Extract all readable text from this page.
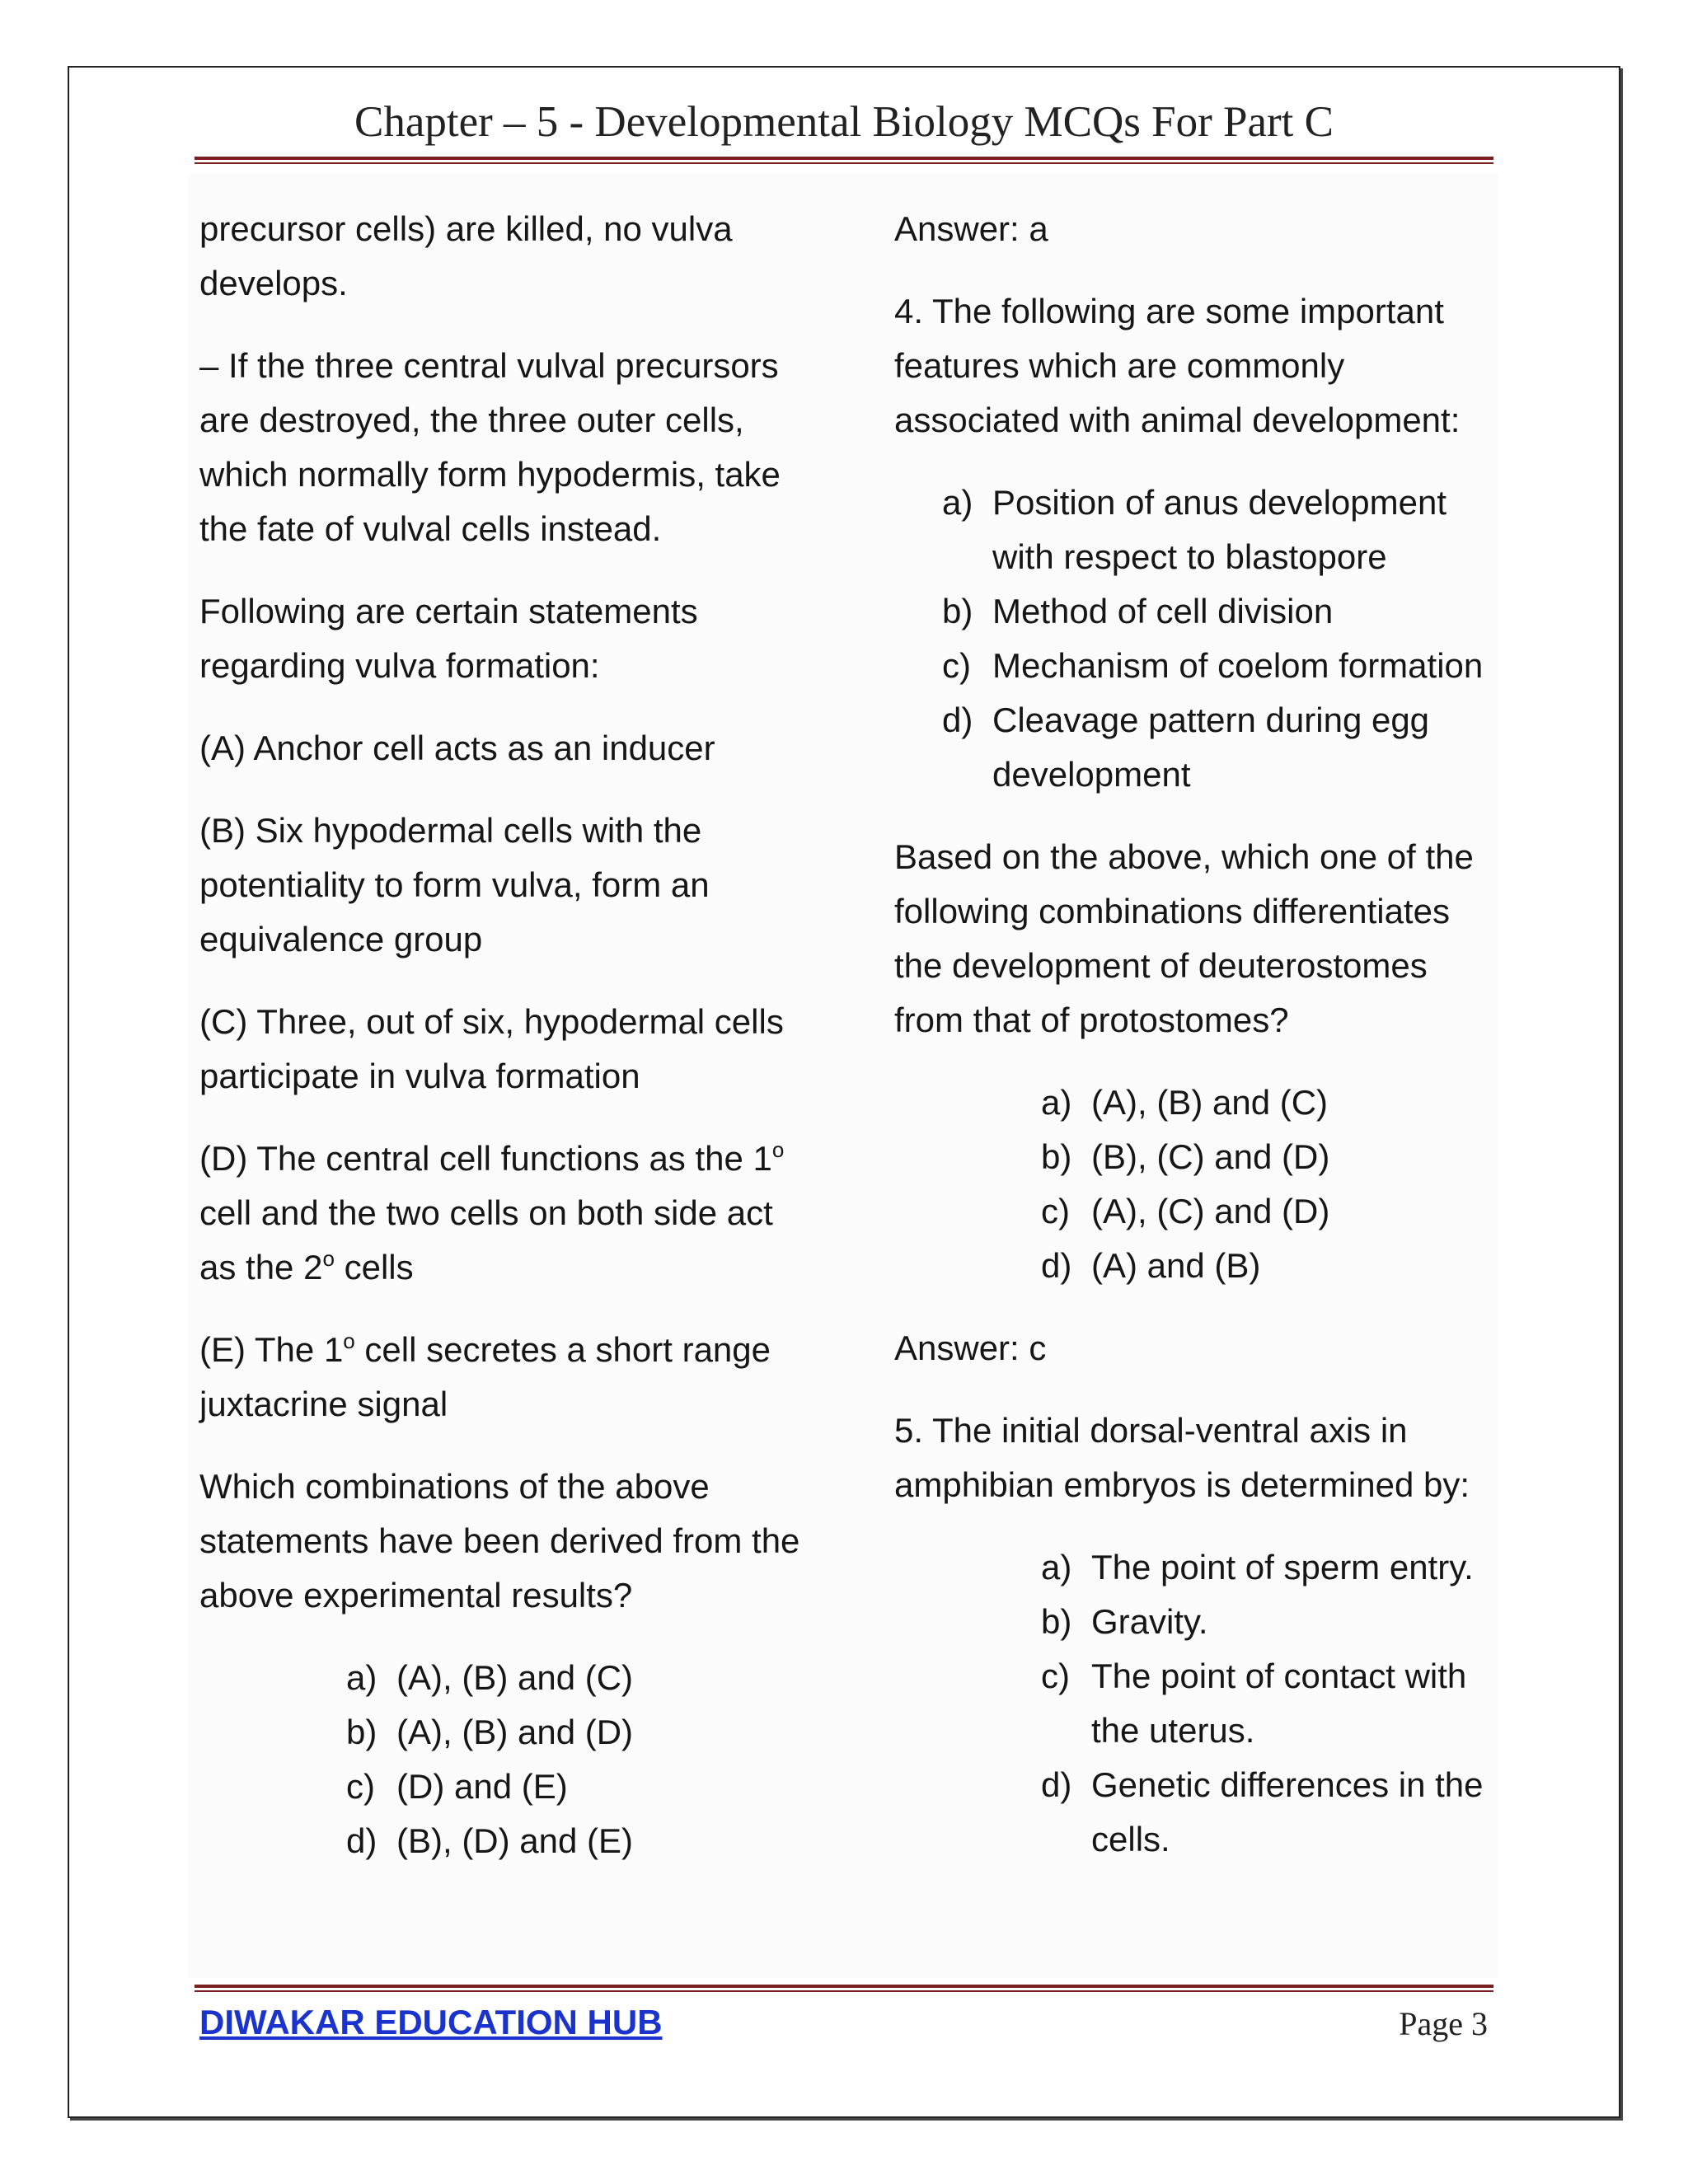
Chapter – 5 - Developmental Biology MCQs For Part C

precursor cells) are killed, no vulva develops.

– If the three central vulval precursors are destroyed, the three outer cells, which normally form hypodermis, take the fate of vulval cells instead.

Following are certain statements regarding vulva formation:

(A) Anchor cell acts as an inducer

(B) Six hypodermal cells with the potentiality to form vulva, form an equivalence group

(C) Three, out of six, hypodermal cells participate in vulva formation

(D) The central cell functions as the 1$^o$ cell and the two cells on both side act as the 2$^o$ cells

(E) The 1$^o$ cell secretes a short range juxtacrine signal

Which combinations of the above statements have been derived from the above experimental results?

a) (A), (B) and (C)
b) (A), (B) and (D)
c) (D) and (E)
d) (B), (D) and (E)

Answer: a

4. The following are some important features which are commonly associated with animal development:

a) Position of anus development with respect to blastopore
b) Method of cell division
c) Mechanism of coelom formation
d) Cleavage pattern during egg development

Based on the above, which one of the following combinations differentiates the development of deuterostomes from that of protostomes?

a) (A), (B) and (C)
b) (B), (C) and (D)
c) (A), (C) and (D)
d) (A) and (B)

Answer: c

5. The initial dorsal-ventral axis in amphibian embryos is determined by:

a) The point of sperm entry.
b) Gravity.
c) The point of contact with the uterus.
d) Genetic differences in the cells.
DIWAKAR EDUCATION HUB	Page 3
